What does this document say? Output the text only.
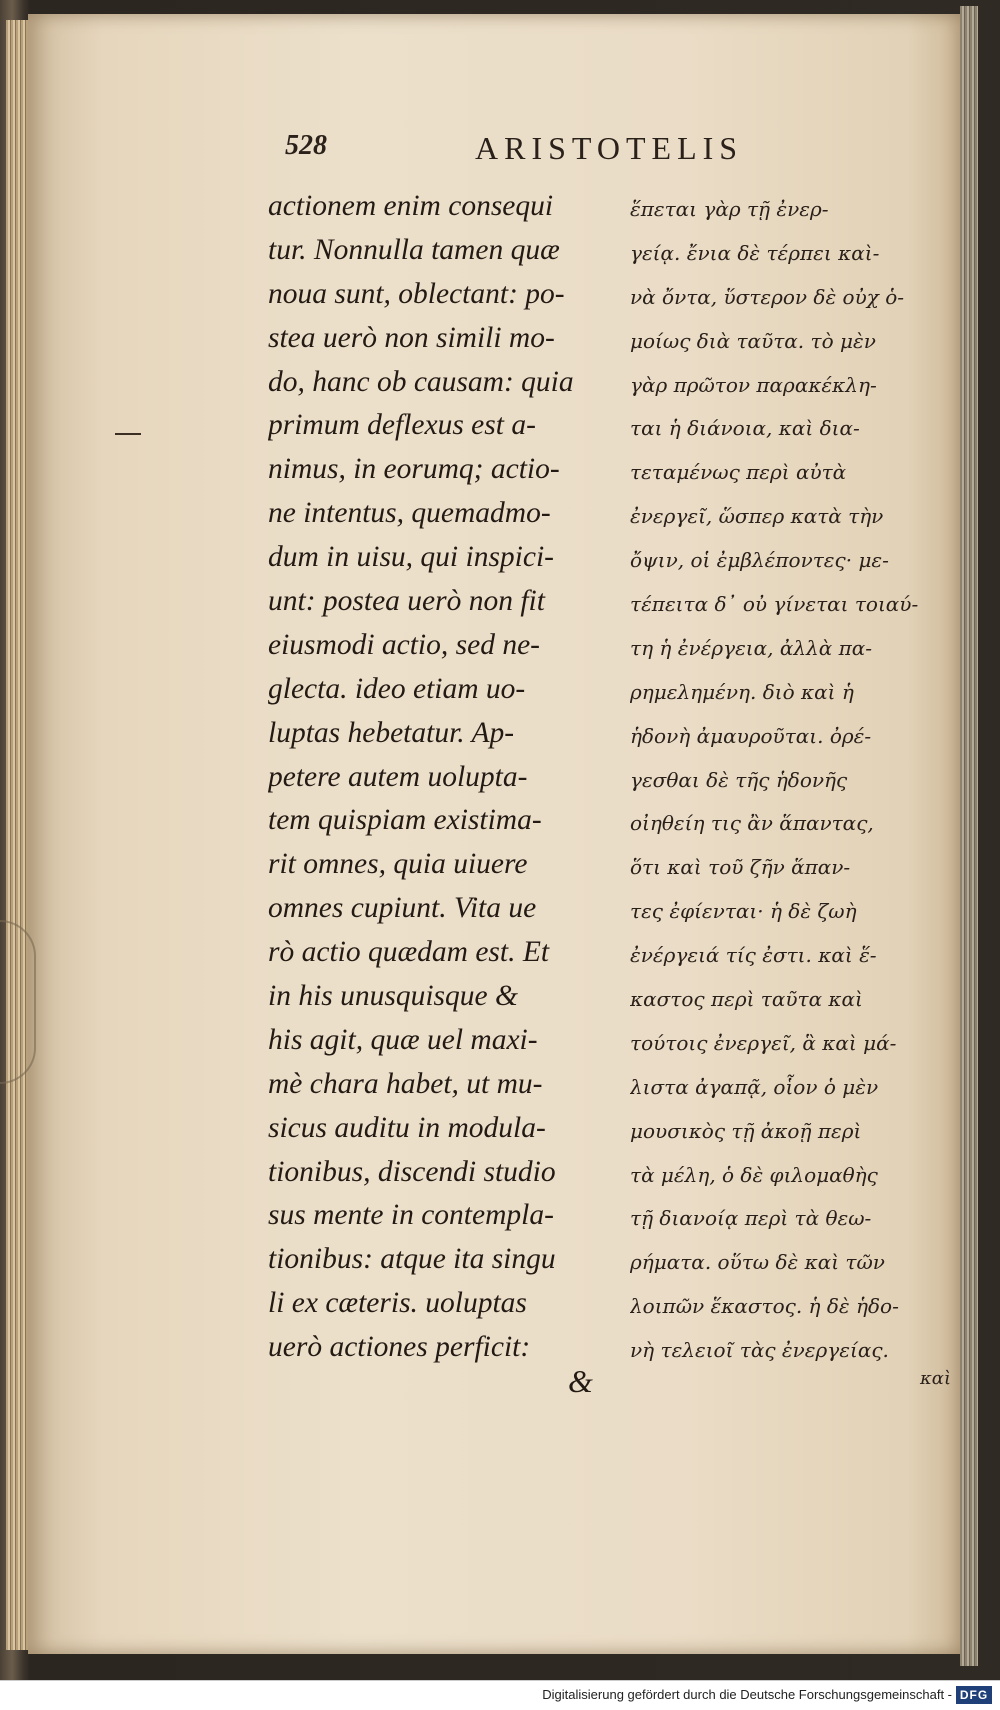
528	ARISTOTELIS
actionem enim consequi
tur. Nonnulla tamen quæ
noua sunt, oblectant: po-
stea uerò non simili mo-
do, hanc ob causam: quia
primum deflexus est a-
nimus, in eorumq; actio-
ne intentus, quemadmo-
dum in uisu, qui inspici-
unt: postea uerò non fit
eiusmodi actio, sed ne-
glecta. ideo etiam uo-
luptas hebetatur. Ap-
petere autem uolupta-
tem quispiam existima-
rit omnes, quia uiuere
omnes cupiunt. Vita ue
rò actio quædam est. Et
in his unusquisque &
his agit, quæ uel maxi-
mè chara habet, ut mu-
sicus auditu in modula-
tionibus, discendi studio
sus mente in contempla-
tionibus: atque ita singu
li ex cæteris. uoluptas
uerò actiones perficit:
ἕπεται γὰρ τῇ ἐνερ-
γείᾳ. ἔνια δὲ τέρπει καὶ-
νὰ ὄντα, ὕστερον δὲ οὐχ ὁ-
μοίως διὰ ταῦτα. τὸ μὲν
γὰρ πρῶτον παρακέκλη-
ται ἡ διάνοια, καὶ δια-
τεταμένως περὶ αὐτὰ
ἐνεργεῖ, ὥσπερ κατὰ τὴν
ὄψιν, οἱ ἐμβλέποντες· με-
τέπειτα δ᾽ οὐ γίνεται τοιαύ-
τη ἡ ἐνέργεια, ἀλλὰ πα-
ρημελημένη. διὸ καὶ ἡ
ἡδονὴ ἀμαυροῦται. ὀρέ-
γεσθαι δὲ τῆς ἡδονῆς
οἰηθείη τις ἂν ἅπαντας,
ὅτι καὶ τοῦ ζῆν ἅπαν-
τες ἐφίενται· ἡ δὲ ζωὴ
ἐνέργειά τίς ἐστι. καὶ ἕ-
καστος περὶ ταῦτα καὶ
τούτοις ἐνεργεῖ, ἃ καὶ μά-
λιστα ἀγαπᾷ, οἷον ὁ μὲν
μουσικὸς τῇ ἀκοῇ περὶ
τὰ μέλη, ὁ δὲ φιλομαθὴς
τῇ διανοίᾳ περὶ τὰ θεω-
ρήματα. οὕτω δὲ καὶ τῶν
λοιπῶν ἕκαστος. ἡ δὲ ἡδο-
νὴ τελειοῖ τὰς ἐνεργείας.
&	καὶ
Digitalisierung gefördert durch die Deutsche Forschungsgemeinschaft - DFG
